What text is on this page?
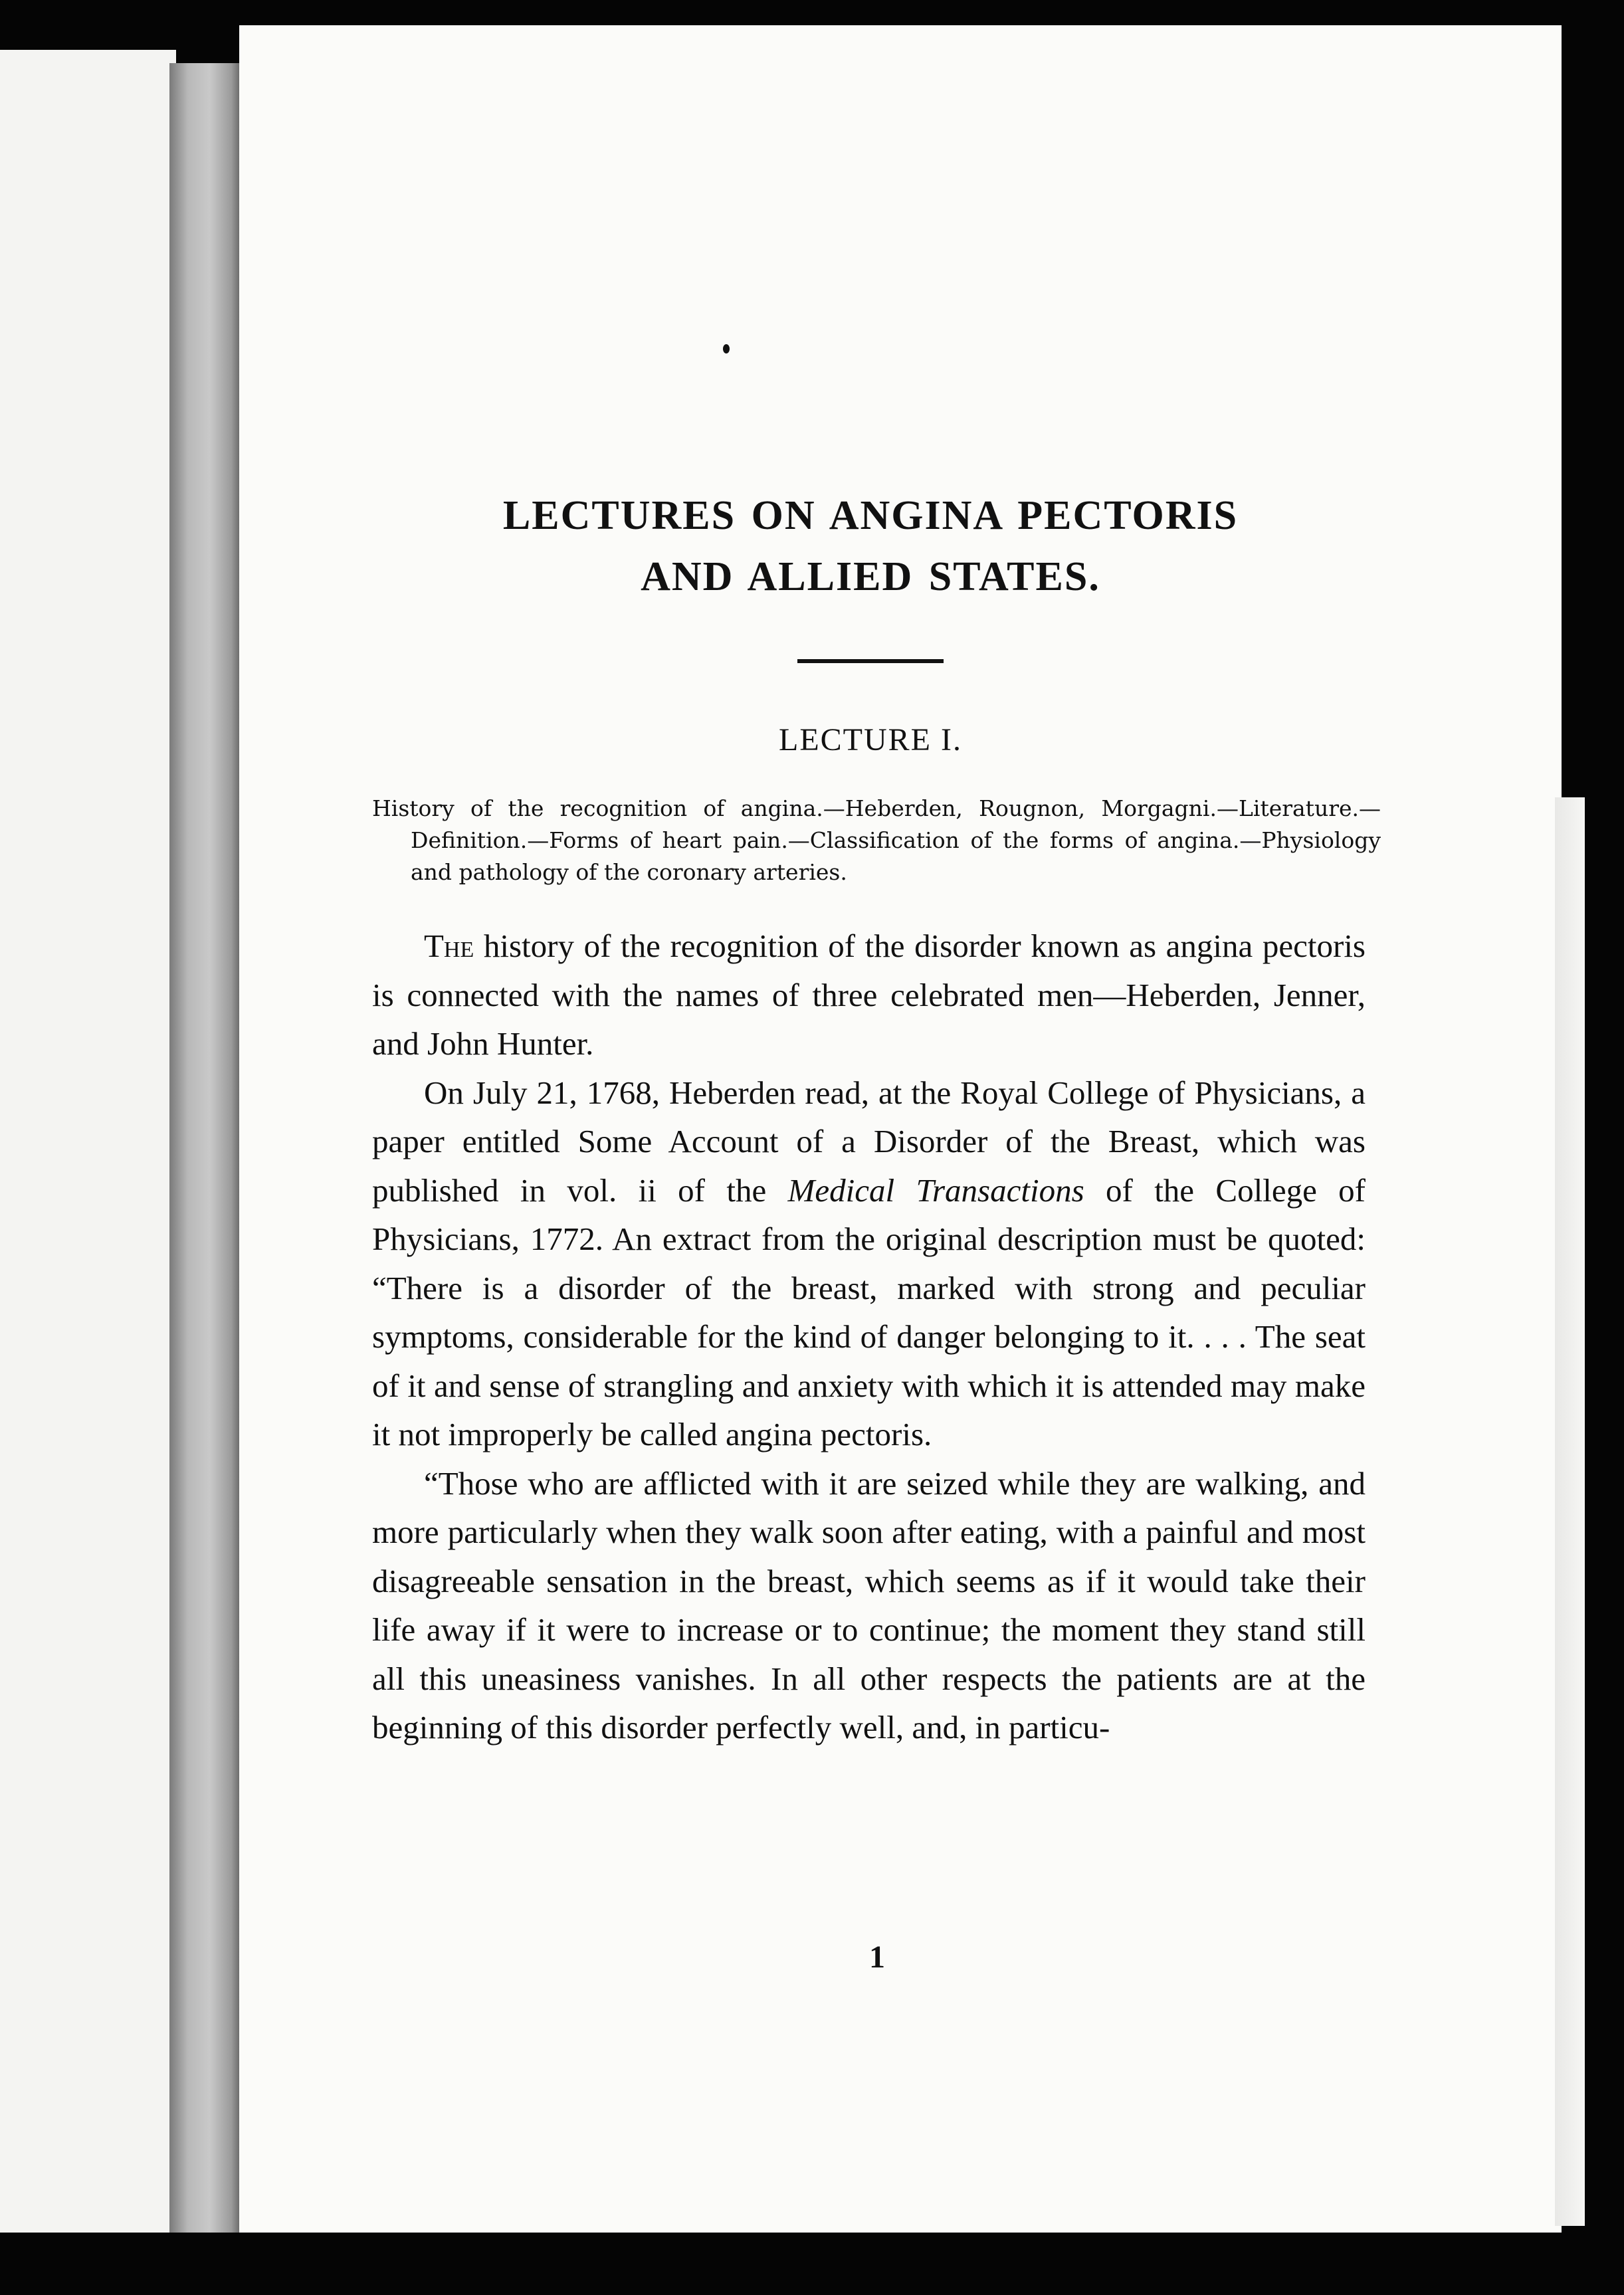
LECTURES ON ANGINA PECTORIS
AND ALLIED STATES.
LECTURE I.

History of the recognition of angina.—Heberden, Rougnon, Morgagni.—Literature.—Definition.—Forms of heart pain.—Classification of the forms of angina.—Physiology and pathology of the coronary arteries.

The history of the recognition of the disorder known as angina pectoris is connected with the names of three celebrated men—Heberden, Jenner, and John Hunter.

On July 21, 1768, Heberden read, at the Royal College of Physicians, a paper entitled Some Account of a Disorder of the Breast, which was published in vol. ii of the Medical Transactions of the College of Physicians, 1772. An extract from the original description must be quoted: “There is a disorder of the breast, marked with strong and peculiar symptoms, considerable for the kind of danger belonging to it. . . . The seat of it and sense of strangling and anxiety with which it is attended may make it not improperly be called angina pectoris.

“Those who are afflicted with it are seized while they are walking, and more particularly when they walk soon after eating, with a painful and most disagreeable sensation in the breast, which seems as if it would take their life away if it were to increase or to continue; the moment they stand still all this uneasiness vanishes. In all other respects the patients are at the beginning of this disorder perfectly well, and, in particu-

1
